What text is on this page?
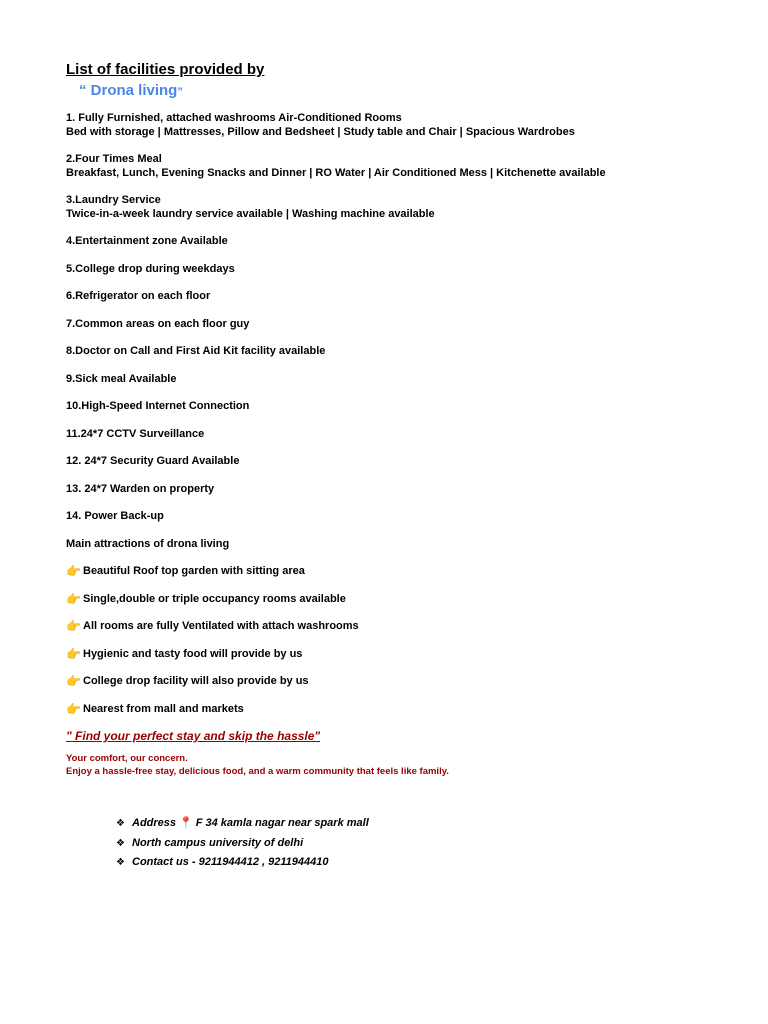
List of facilities provided by
“ Drona living”

1. Fully Furnished, attached washrooms Air-Conditioned Rooms

Bed with storage | Mattresses, Pillow and Bedsheet | Study table and Chair | Spacious Wardrobes

2.Four Times Meal

Breakfast, Lunch, Evening Snacks and Dinner | RO Water | Air Conditioned Mess | Kitchenette available

3.Laundry Service

Twice-in-a-week laundry service available | Washing machine available

4.Entertainment zone Available

5.College drop during weekdays

6.Refrigerator on each floor

7.Common areas on each floor guy

8.Doctor on Call and First Aid Kit facility available

9.Sick meal Available

10.High-Speed Internet Connection

11.24*7 CCTV Surveillance

12. 24*7 Security Guard Available

13. 24*7 Warden on property

14. Power Back-up

Main attractions of drona living

👉 Beautiful Roof top garden with sitting area
👉 Single,double or triple occupancy rooms available
👉 All rooms are fully Ventilated with attach washrooms
👉 Hygienic and tasty food will provide by us
👉 College drop facility will also provide by us
👉 Nearest from mall and markets
" Find your perfect stay and skip the hassle"
Your comfort, our concern.
Enjoy a hassle-free stay, delicious food, and a warm community that feels like family.
❖ Address 📍 F 34 kamla nagar near spark mall
❖ North campus university of delhi
❖ Contact us - 9211944412 , 9211944410
